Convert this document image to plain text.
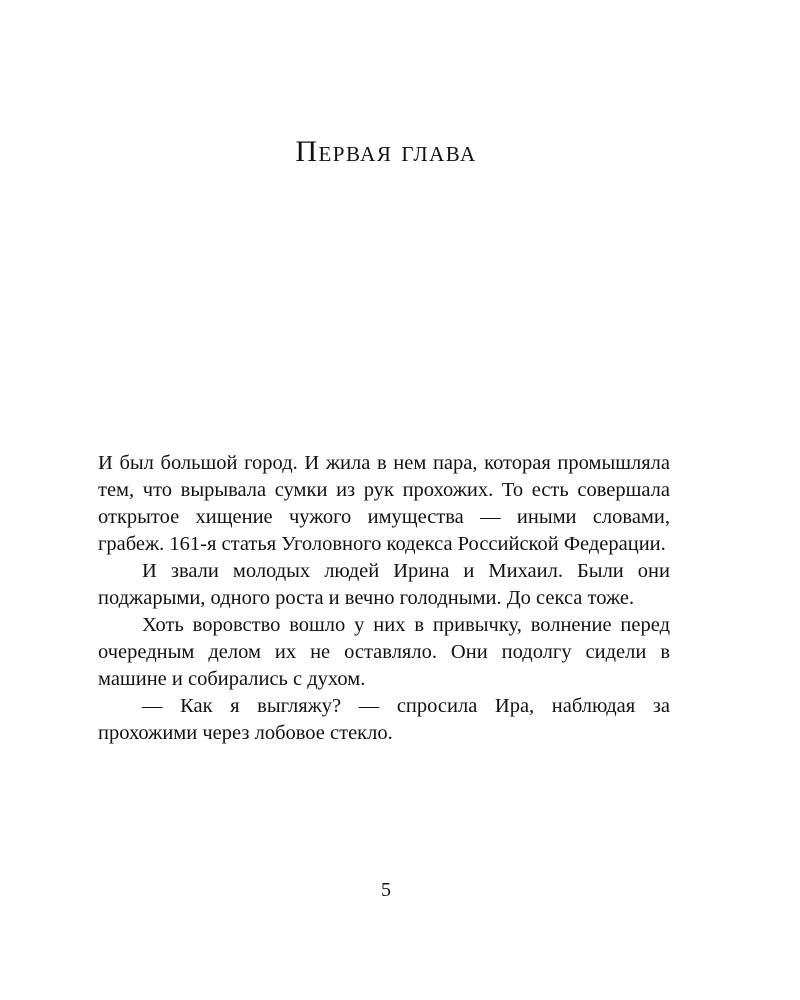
Первая глава

И был большой город. И жила в нем пара, которая промышляла тем, что вырывала сумки из рук прохожих. То есть совершала открытое хищение чужого имущества — иными словами, грабеж. 161-я статья Уголовного кодекса Российской Федерации.

И звали молодых людей Ирина и Михаил. Были они поджарыми, одного роста и вечно голодными. До секса тоже.

Хоть воровство вошло у них в привычку, волнение перед очередным делом их не оставляло. Они подолгу сидели в машине и собирались с духом.

— Как я выгляжу? — спросила Ира, наблюдая за прохожими через лобовое стекло.

5
